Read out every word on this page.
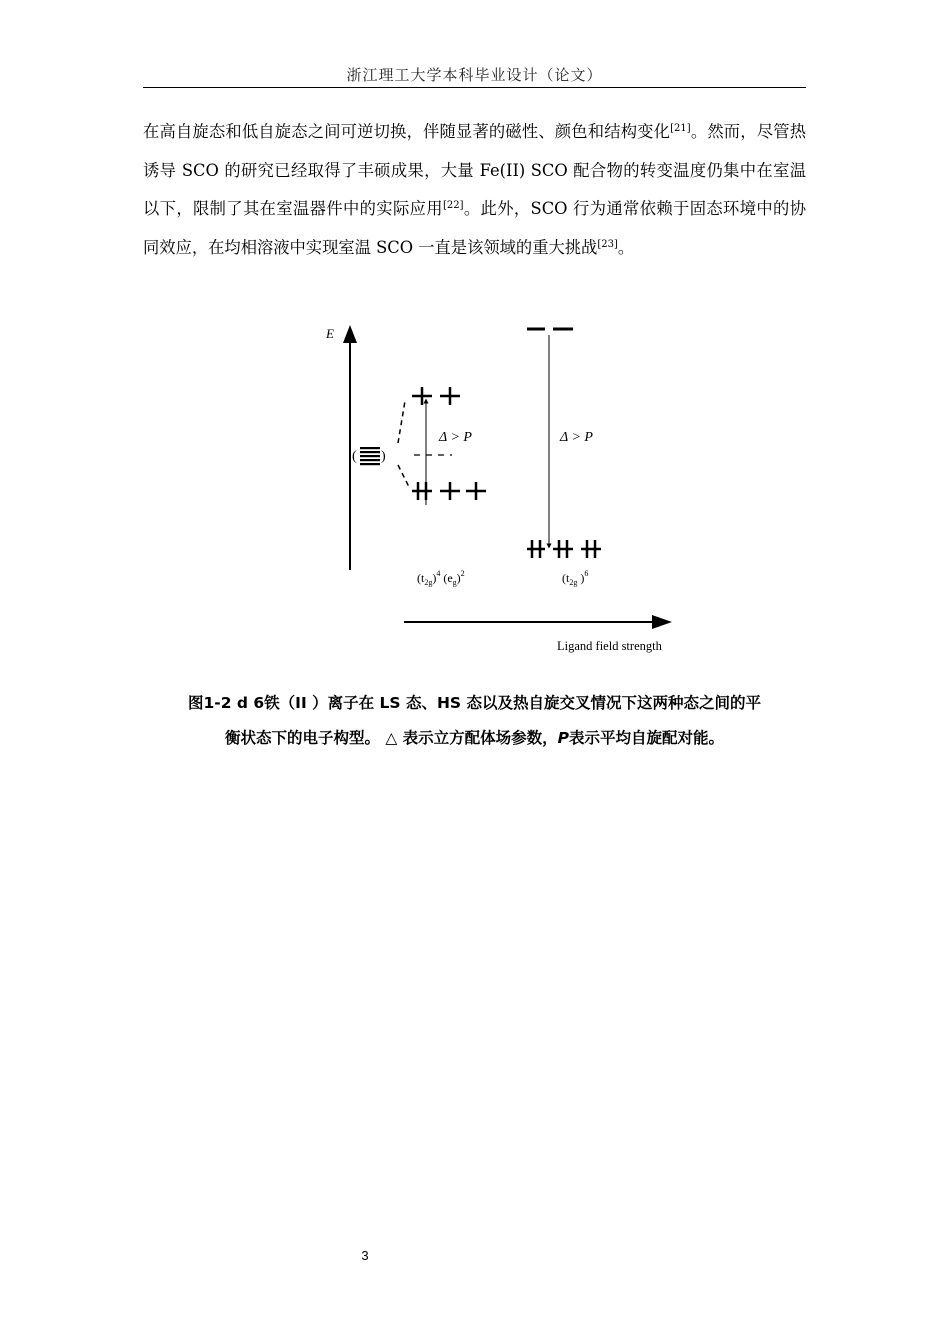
浙江理工大学本科毕业设计（论文）

在高自旋态和低自旋态之间可逆切换，伴随显著的磁性、颜色和结构变化[21]。然而，尽管热诱导 SCO 的研究已经取得了丰硕成果，大量 Fe(II) SCO 配合物的转变温度仍集中在室温以下，限制了其在室温器件中的实际应用[22]。此外，SCO 行为通常依赖于固态环境中的协同效应，在均相溶液中实现室温 SCO 一直是该领域的重大挑战[23]。

E
( )
Δ > P	Δ > P
$(t_{2g})^4$ $(e_g)^2$	($t_{2g}$ )$^6$
Ligand field strength
图1-2 d 6铁（II ）离子在 LS 态、HS 态以及热自旋交叉情况下这两种态之间的平
衡状态下的电子构型。 △ 表示立方配体场参数，P表示平均自旋配对能。
3
